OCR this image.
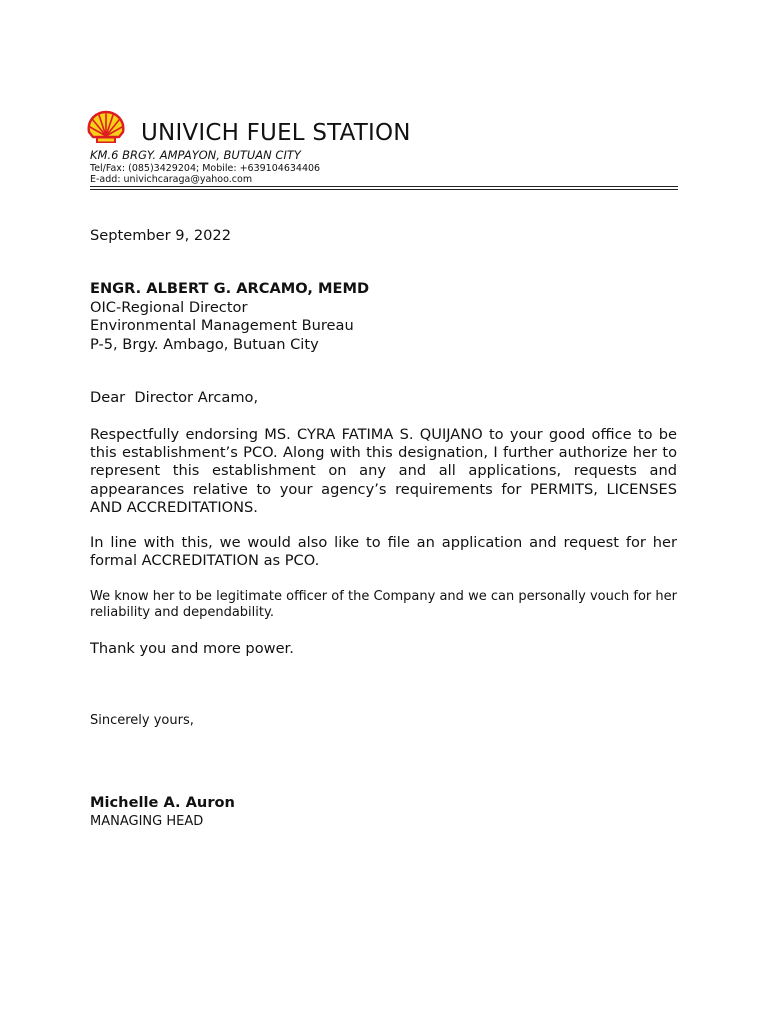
UNIVICH FUEL STATION
KM.6 BRGY. AMPAYON, BUTUAN CITY
Tel/Fax: (085)3429204; Mobile: +639104634406
E-add: univichcaraga@yahoo.com
September 9, 2022
ENGR. ALBERT G. ARCAMO, MEMD
OIC-Regional Director
Environmental Management Bureau
P-5, Brgy. Ambago, Butuan City
Dear  Director Arcamo,
Respectfully endorsing MS. CYRA FATIMA S. QUIJANO to your good office to be this establishment’s PCO. Along with this designation, I further authorize her to represent this establishment on any and all applications, requests and appearances relative to your agency’s requirements for PERMITS, LICENSES AND ACCREDITATIONS.
In line with this, we would also like to file an application and request for her formal ACCREDITATION as PCO.
We know her to be legitimate officer of the Company and we can personally vouch for her reliability and dependability.
Thank you and more power.
Sincerely yours,
Michelle A. Auron
MANAGING HEAD
